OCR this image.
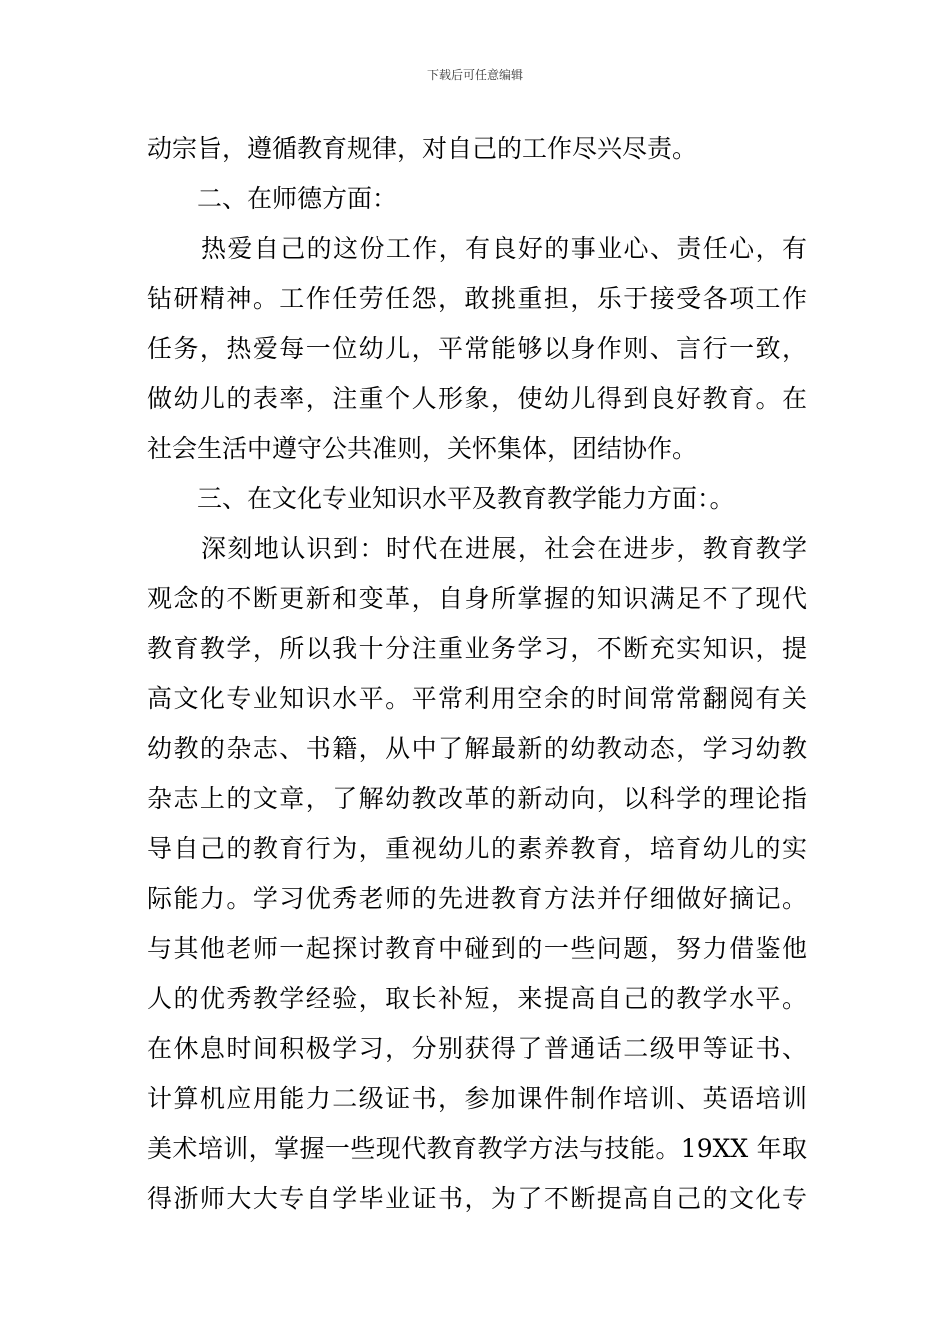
下载后可任意编辑
动宗旨，遵循教育规律，对自己的工作尽兴尽责。
二、在师德方面：
热爱自己的这份工作，有良好的事业心、责任心，有
钻研精神。工作任劳任怨，敢挑重担，乐于接受各项工作
任务，热爱每一位幼儿，平常能够以身作则、言行一致，
做幼儿的表率，注重个人形象，使幼儿得到良好教育。在
社会生活中遵守公共准则，关怀集体，团结协作。
三、在文化专业知识水平及教育教学能力方面：。
深刻地认识到：时代在进展，社会在进步，教育教学
观念的不断更新和变革，自身所掌握的知识满足不了现代
教育教学，所以我十分注重业务学习，不断充实知识，提
高文化专业知识水平。平常利用空余的时间常常翻阅有关
幼教的杂志、书籍，从中了解最新的幼教动态，学习幼教
杂志上的文章，了解幼教改革的新动向，以科学的理论指
导自己的教育行为，重视幼儿的素养教育，培育幼儿的实
际能力。学习优秀老师的先进教育方法并仔细做好摘记。
与其他老师一起探讨教育中碰到的一些问题，努力借鉴他
人的优秀教学经验，取长补短，来提高自己的教学水平。
在休息时间积极学习，分别获得了普通话二级甲等证书、
计算机应用能力二级证书，参加课件制作培训、英语培训
美术培训，掌握一些现代教育教学方法与技能。19XX 年取
得浙师大大专自学毕业证书，为了不断提高自己的文化专
